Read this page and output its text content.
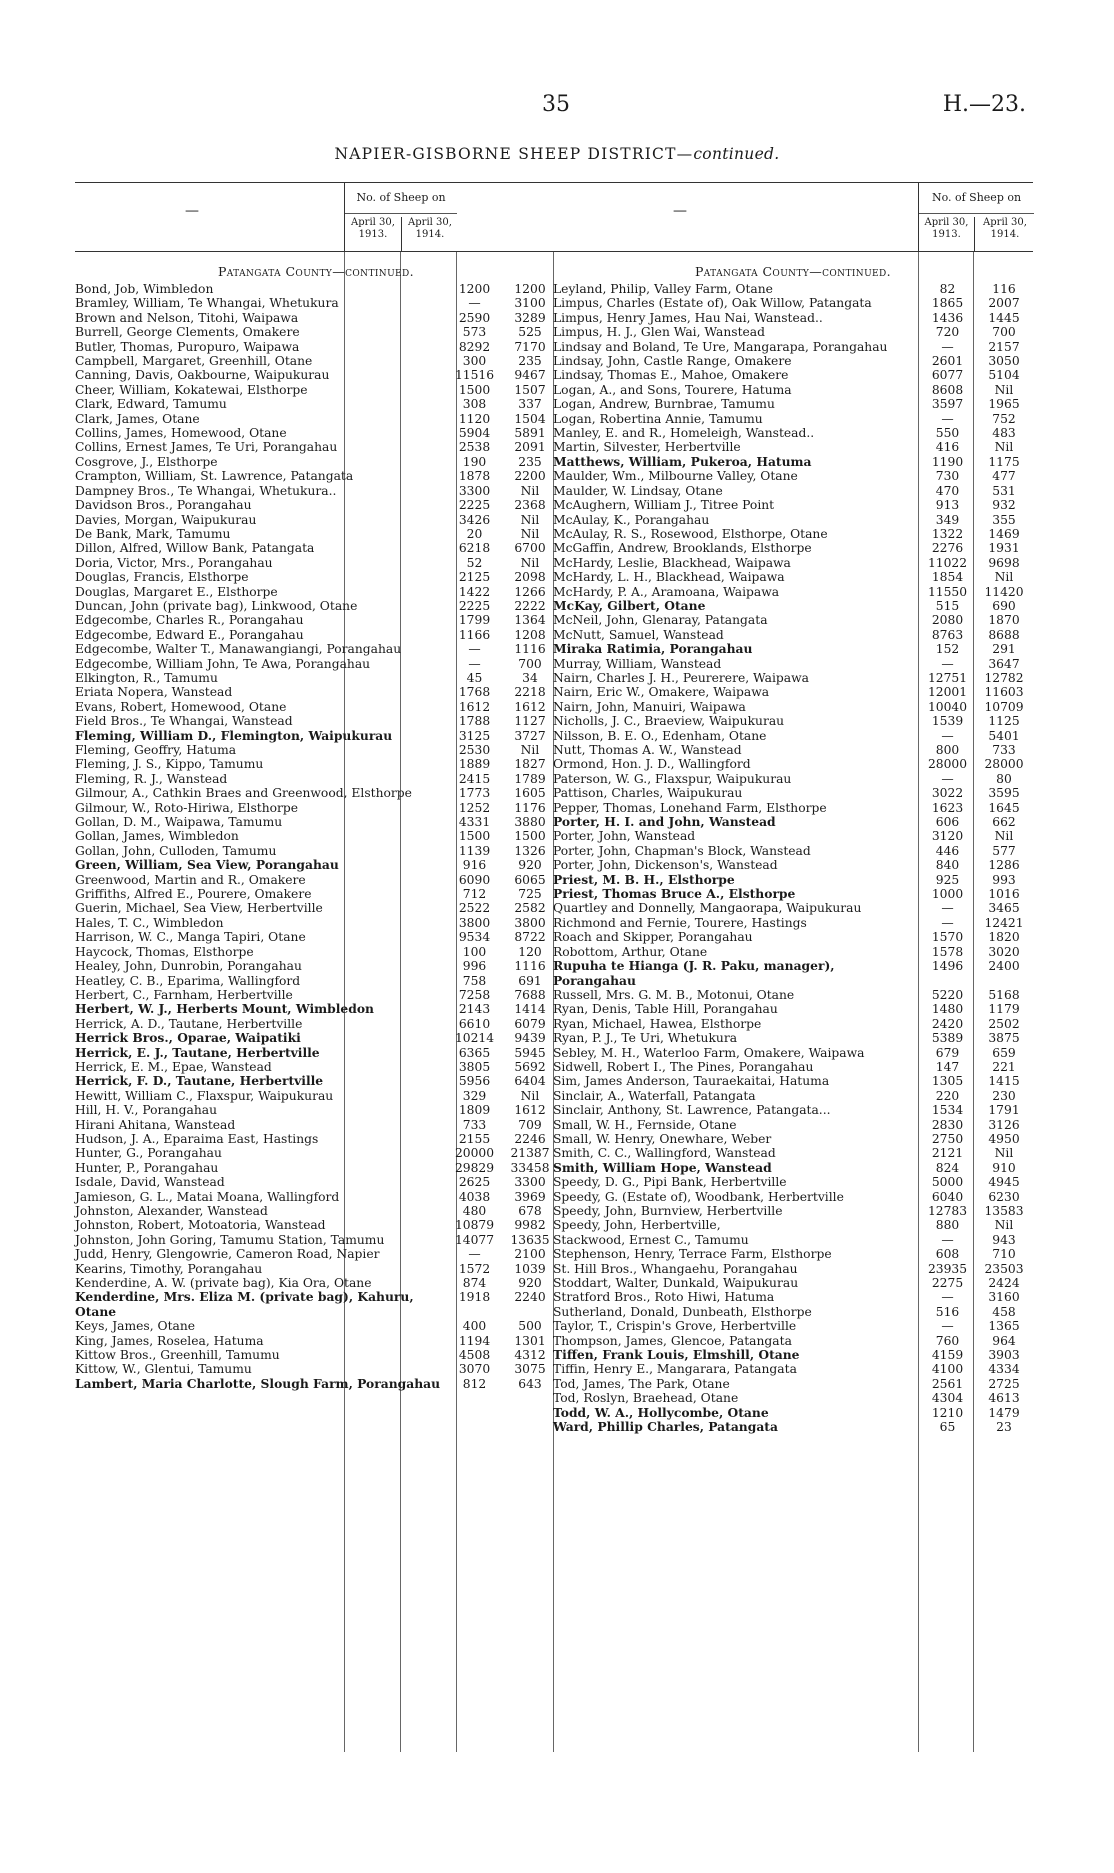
35	H.—23.
NAPIER-GISBORNE SHEEP DISTRICT—continued.
—
No. of Sheep on
April 30, 1913.
April 30, 1914.
Patangata County—continued.
Bond, Job, Wimbledon	1200	1200
Bramley, William, Te Whangai, Whetukura	—	3100
Brown and Nelson, Titohi, Waipawa	2590	3289
Burrell, George Clements, Omakere	573	525
Butler, Thomas, Puropuro, Waipawa	8292	7170
Campbell, Margaret, Greenhill, Otane	300	235
Canning, Davis, Oakbourne, Waipukurau	11516	9467
Cheer, William, Kokatewai, Elsthorpe	1500	1507
Clark, Edward, Tamumu	308	337
Clark, James, Otane	1120	1504
Collins, James, Homewood, Otane	5904	5891
Collins, Ernest James, Te Uri, Porangahau	2538	2091
Cosgrove, J., Elsthorpe	190	235
Crampton, William, St. Lawrence, Patangata	1878	2200
Dampney Bros., Te Whangai, Whetukura..	3300	Nil
Davidson Bros., Porangahau	2225	2368
Davies, Morgan, Waipukurau	3426	Nil
De Bank, Mark, Tamumu	20	Nil
Dillon, Alfred, Willow Bank, Patangata	6218	6700
Doria, Victor, Mrs., Porangahau	52	Nil
Douglas, Francis, Elsthorpe	2125	2098
Douglas, Margaret E., Elsthorpe	1422	1266
Duncan, John (private bag), Linkwood, Otane	2225	2222
Edgecombe, Charles R., Porangahau	1799	1364
Edgecombe, Edward E., Porangahau	1166	1208
Edgecombe, Walter T., Manawangiangi, Porangahau	—	1116
Edgecombe, William John, Te Awa, Porangahau	—	700
Elkington, R., Tamumu	45	34
Eriata Nopera, Wanstead	1768	2218
Evans, Robert, Homewood, Otane	1612	1612
Field Bros., Te Whangai, Wanstead	1788	1127
Fleming, William D., Flemington, Waipukurau	3125	3727
Fleming, Geoffry, Hatuma	2530	Nil
Fleming, J. S., Kippo, Tamumu	1889	1827
Fleming, R. J., Wanstead	2415	1789
Gilmour, A., Cathkin Braes and Greenwood, Elsthorpe	1773	1605
Gilmour, W., Roto-Hiriwa, Elsthorpe	1252	1176
Gollan, D. M., Waipawa, Tamumu	4331	3880
Gollan, James, Wimbledon	1500	1500
Gollan, John, Culloden, Tamumu	1139	1326
Green, William, Sea View, Porangahau	916	920
Greenwood, Martin and R., Omakere	6090	6065
Griffiths, Alfred E., Pourere, Omakere	712	725
Guerin, Michael, Sea View, Herbertville	2522	2582
Hales, T. C., Wimbledon	3800	3800
Harrison, W. C., Manga Tapiri, Otane	9534	8722
Haycock, Thomas, Elsthorpe	100	120
Healey, John, Dunrobin, Porangahau	996	1116
Heatley, C. B., Eparima, Wallingford	758	691
Herbert, C., Farnham, Herbertville	7258	7688
Herbert, W. J., Herberts Mount, Wimbledon	2143	1414
Herrick, A. D., Tautane, Herbertville	6610	6079
Herrick Bros., Oparae, Waipatiki	10214	9439
Herrick, E. J., Tautane, Herbertville	6365	5945
Herrick, E. M., Epae, Wanstead	3805	5692
Herrick, F. D., Tautane, Herbertville	5956	6404
Hewitt, William C., Flaxspur, Waipukurau	329	Nil
Hill, H. V., Porangahau	1809	1612
Hirani Ahitana, Wanstead	733	709
Hudson, J. A., Eparaima East, Hastings	2155	2246
Hunter, G., Porangahau	20000	21387
Hunter, P., Porangahau	29829	33458
Isdale, David, Wanstead	2625	3300
Jamieson, G. L., Matai Moana, Wallingford	4038	3969
Johnston, Alexander, Wanstead	480	678
Johnston, Robert, Motoatoria, Wanstead	10879	9982
Johnston, John Goring, Tamumu Station, Tamumu	14077	13635
Judd, Henry, Glengowrie, Cameron Road, Napier	—	2100
Kearins, Timothy, Porangahau	1572	1039
Kenderdine, A. W. (private bag), Kia Ora, Otane	874	920
Kenderdine, Mrs. Eliza M. (private bag), Kahuru, Otane
1918	2240
Keys, James, Otane	400	500
King, James, Roselea, Hatuma	1194	1301
Kittow Bros., Greenhill, Tamumu	4508	4312
Kittow, W., Glentui, Tamumu	3070	3075
Lambert, Maria Charlotte, Slough Farm, Porangahau	812	643
—
No. of Sheep on
April 30, 1913.
April 30, 1914.
Patangata County—continued.
Leyland, Philip, Valley Farm, Otane	82	116
Limpus, Charles (Estate of), Oak Willow, Patangata	1865	2007
Limpus, Henry James, Hau Nai, Wanstead..	1436	1445
Limpus, H. J., Glen Wai, Wanstead	720	700
Lindsay and Boland, Te Ure, Mangarapa, Porangahau	—	2157
Lindsay, John, Castle Range, Omakere	2601	3050
Lindsay, Thomas E., Mahoe, Omakere	6077	5104
Logan, A., and Sons, Tourere, Hatuma	8608	Nil
Logan, Andrew, Burnbrae, Tamumu	3597	1965
Logan, Robertina Annie, Tamumu	—	752
Manley, E. and R., Homeleigh, Wanstead..	550	483
Martin, Silvester, Herbertville	416	Nil
Matthews, William, Pukeroa, Hatuma	1190	1175
Maulder, Wm., Milbourne Valley, Otane	730	477
Maulder, W. Lindsay, Otane	470	531
McAughern, William J., Titree Point	913	932
McAulay, K., Porangahau	349	355
McAulay, R. S., Rosewood, Elsthorpe, Otane	1322	1469
McGaffin, Andrew, Brooklands, Elsthorpe	2276	1931
McHardy, Leslie, Blackhead, Waipawa	11022	9698
McHardy, L. H., Blackhead, Waipawa	1854	Nil
McHardy, P. A., Aramoana, Waipawa	11550	11420
McKay, Gilbert, Otane	515	690
McNeil, John, Glenaray, Patangata	2080	1870
McNutt, Samuel, Wanstead	8763	8688
Miraka Ratimia, Porangahau	152	291
Murray, William, Wanstead	—	3647
Nairn, Charles J. H., Peurerere, Waipawa	12751	12782
Nairn, Eric W., Omakere, Waipawa	12001	11603
Nairn, John, Manuiri, Waipawa	10040	10709
Nicholls, J. C., Braeview, Waipukurau	1539	1125
Nilsson, B. E. O., Edenham, Otane	—	5401
Nutt, Thomas A. W., Wanstead	800	733
Ormond, Hon. J. D., Wallingford	28000	28000
Paterson, W. G., Flaxspur, Waipukurau	—	80
Pattison, Charles, Waipukurau	3022	3595
Pepper, Thomas, Lonehand Farm, Elsthorpe	1623	1645
Porter, H. I. and John, Wanstead	606	662
Porter, John, Wanstead	3120	Nil
Porter, John, Chapman's Block, Wanstead	446	577
Porter, John, Dickenson's, Wanstead	840	1286
Priest, M. B. H., Elsthorpe	925	993
Priest, Thomas Bruce A., Elsthorpe	1000	1016
Quartley and Donnelly, Mangaorapa, Waipukurau	—	3465
Richmond and Fernie, Tourere, Hastings	—	12421
Roach and Skipper, Porangahau	1570	1820
Robottom, Arthur, Otane	1578	3020
Rupuha te Hianga (J. R. Paku, manager), Porangahau
1496	2400
Russell, Mrs. G. M. B., Motonui, Otane	5220	5168
Ryan, Denis, Table Hill, Porangahau	1480	1179
Ryan, Michael, Hawea, Elsthorpe	2420	2502
Ryan, P. J., Te Uri, Whetukura	5389	3875
Sebley, M. H., Waterloo Farm, Omakere, Waipawa	679	659
Sidwell, Robert I., The Pines, Porangahau	147	221
Sim, James Anderson, Tauraekaitai, Hatuma	1305	1415
Sinclair, A., Waterfall, Patangata	220	230
Sinclair, Anthony, St. Lawrence, Patangata...	1534	1791
Small, W. H., Fernside, Otane	2830	3126
Small, W. Henry, Onewhare, Weber	2750	4950
Smith, C. C., Wallingford, Wanstead	2121	Nil
Smith, William Hope, Wanstead	824	910
Speedy, D. G., Pipi Bank, Herbertville	5000	4945
Speedy, G. (Estate of), Woodbank, Herbertville	6040	6230
Speedy, John, Burnview, Herbertville	12783	13583
Speedy, John, Herbertville,	880	Nil
Stackwood, Ernest C., Tamumu	—	943
Stephenson, Henry, Terrace Farm, Elsthorpe	608	710
St. Hill Bros., Whangaehu, Porangahau	23935	23503
Stoddart, Walter, Dunkald, Waipukurau	2275	2424
Stratford Bros., Roto Hiwi, Hatuma	—	3160
Sutherland, Donald, Dunbeath, Elsthorpe	516	458
Taylor, T., Crispin's Grove, Herbertville	—	1365
Thompson, James, Glencoe, Patangata	760	964
Tiffen, Frank Louis, Elmshill, Otane	4159	3903
Tiffin, Henry E., Mangarara, Patangata	4100	4334
Tod, James, The Park, Otane	2561	2725
Tod, Roslyn, Braehead, Otane	4304	4613
Todd, W. A., Hollycombe, Otane	1210	1479
Ward, Phillip Charles, Patangata	65	23
